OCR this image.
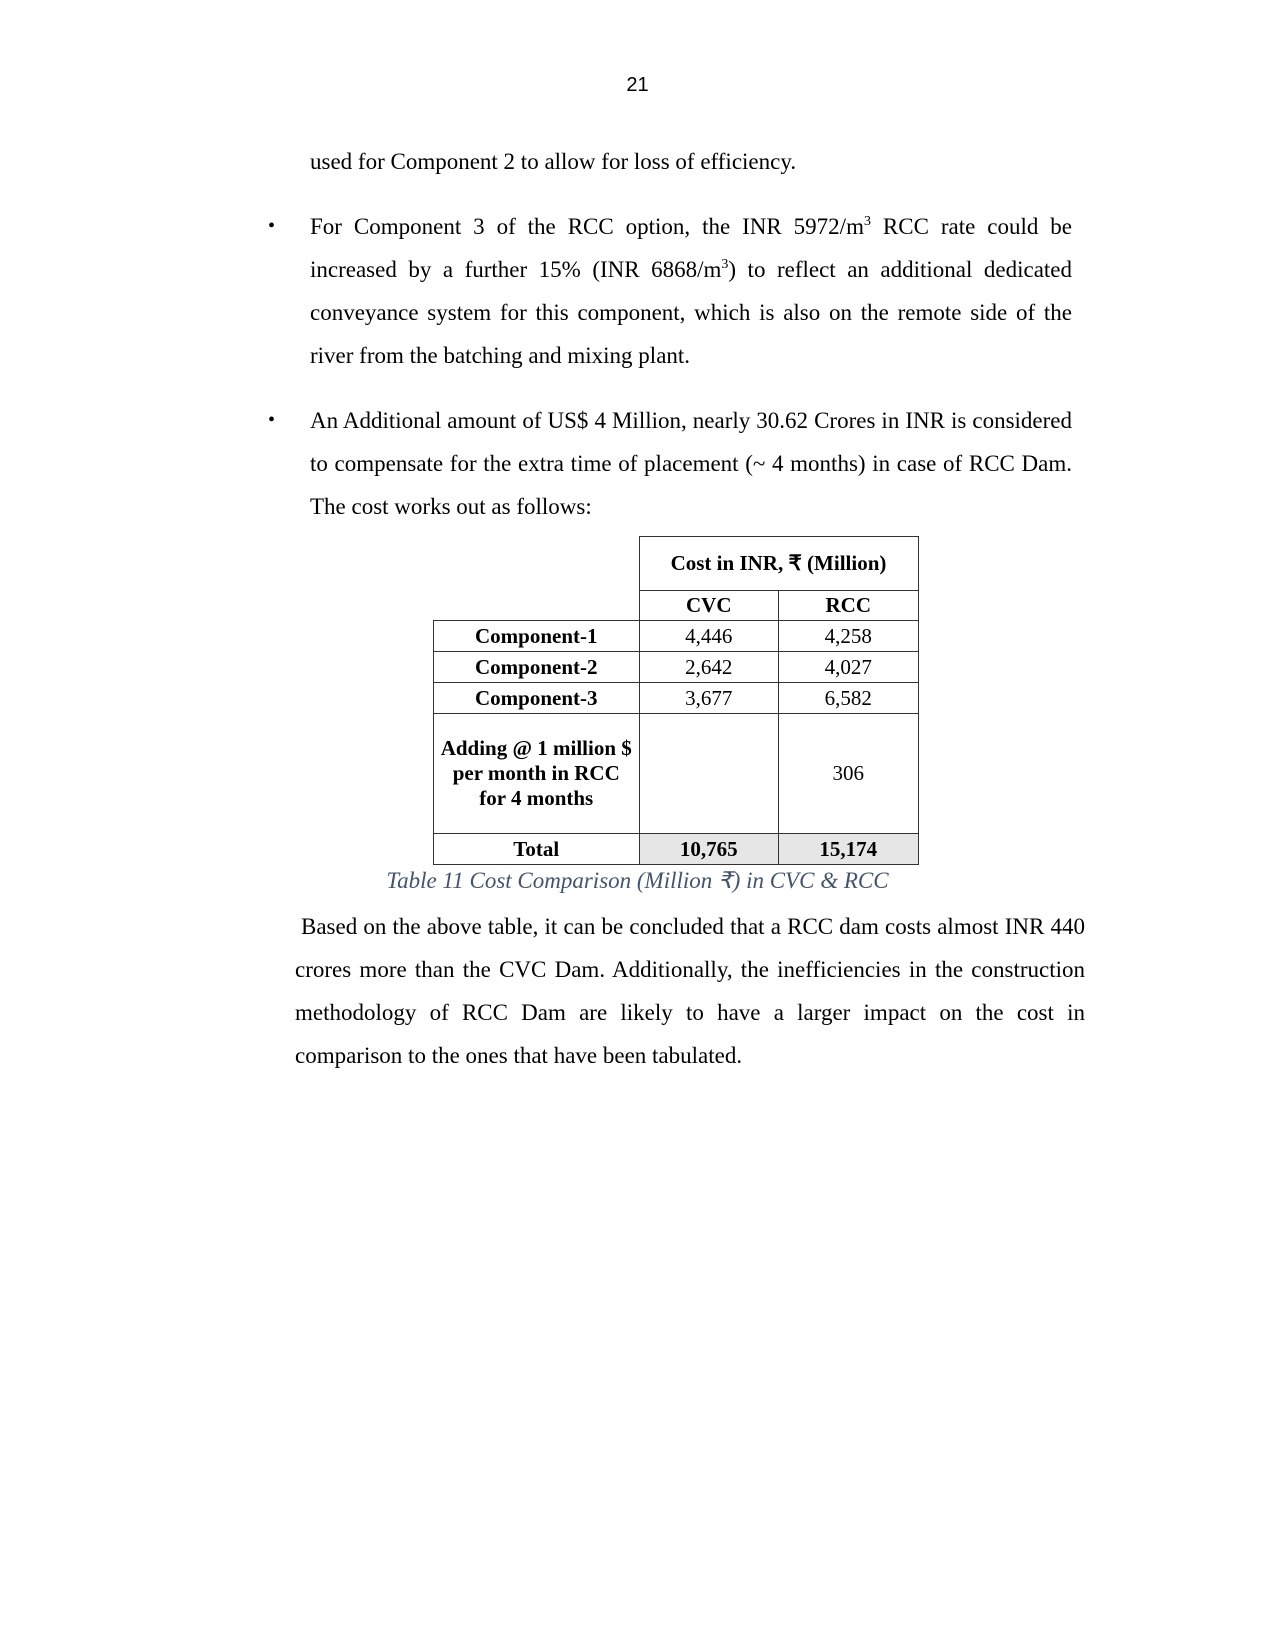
21

used for Component 2 to allow for loss of efficiency.

• For Component 3 of the RCC option, the INR $5972/m^3$ RCC rate could be increased by a further 15% (INR $6868/m^3$) to reflect an additional dedicated conveyance system for this component, which is also on the remote side of the river from the batching and mixing plant.

• An Additional amount of US$ 4 Million, nearly 30.62 Crores in INR is considered to compensate for the extra time of placement (~ 4 months) in case of RCC Dam. The cost works out as follows:

	Cost in INR, ₹ (Million)	
	CVC	RCC
Component-1	4,446	4,258
Component-2	2,642	4,027
Component-3	3,677	6,582
Adding @ 1 million $ per month in RCC for 4 months		306
Total	10,765	15,174
Table 11 Cost Comparison (Million ₹) in CVC & RCC

Based on the above table, it can be concluded that a RCC dam costs almost INR 440 crores more than the CVC Dam. Additionally, the inefficiencies in the construction methodology of RCC Dam are likely to have a larger impact on the cost in comparison to the ones that have been tabulated.
